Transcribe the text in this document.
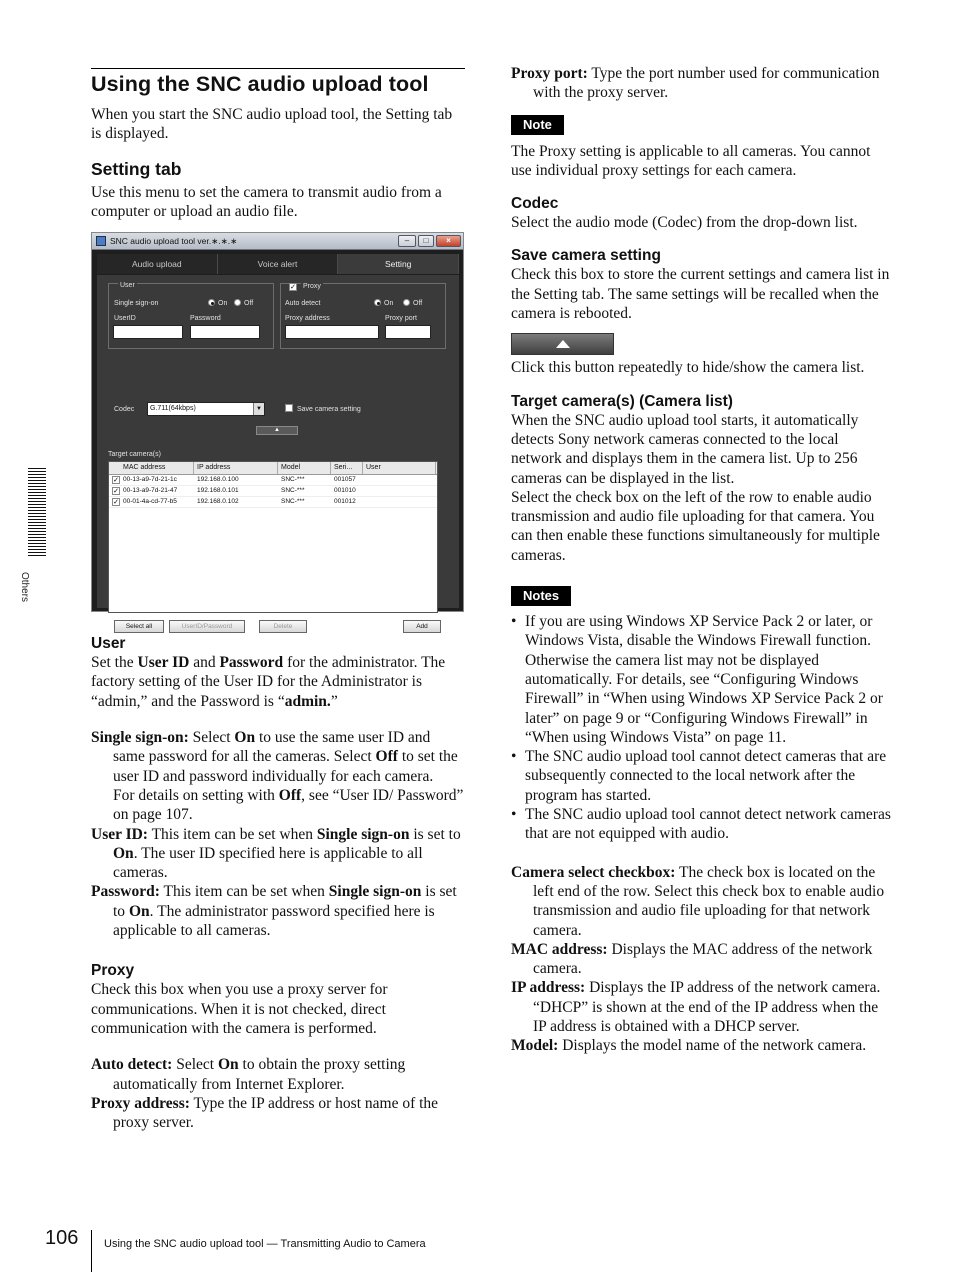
Others
Using the SNC audio upload tool

When you start the SNC audio upload tool, the Setting tab is displayed.

Setting tab

Use this menu to set the camera to transmit audio from a computer or upload an audio file.

SNC audio upload tool ver.∗.∗.∗	–	□	×
Audio upload	Voice alert	Setting
User
Single sign-on	On Off
UserID	Password
✓ Proxy
Auto detect	On	Off
Proxy address	Proxy port
Codec	G.711(64kbps)	▼	Save camera setting
▲
Target camera(s)
MAC address	IP address	Model	Seri...	User
✓ 00-13-a9-7d-21-1c	192.168.0.100	SNC-***	001057
✓ 00-13-a9-7d-21-47	192.168.0.101	SNC-***	001010
✓ 00-01-4a-cd-77-b5	192.168.0.102	SNC-***	001012
Select all	UserID/Password	Delete	Add
User

Set the User ID and Password for the administrator. The factory setting of the User ID for the Administrator is “admin,” and the Password is “admin.”

Single sign-on: Select On to use the same user ID and same password for all the cameras. Select Off to set the user ID and password individually for each camera.

For details on setting with Off, see “User ID/ Password” on page 107.

User ID: This item can be set when Single sign-on is set to On. The user ID specified here is applicable to all cameras.

Password: This item can be set when Single sign-on is set to On. The administrator password specified here is applicable to all cameras.

Proxy

Check this box when you use a proxy server for communications. When it is not checked, direct communication with the camera is performed.

Auto detect: Select On to obtain the proxy setting automatically from Internet Explorer.

Proxy address: Type the IP address or host name of the proxy server.

Proxy port: Type the port number used for communication with the proxy server.

Note

The Proxy setting is applicable to all cameras. You cannot use individual proxy settings for each camera.

Codec

Select the audio mode (Codec) from the drop-down list.

Save camera setting

Check this box to store the current settings and camera list in the Setting tab. The same settings will be recalled when the camera is rebooted.

Click this button repeatedly to hide/show the camera list.

Target camera(s) (Camera list)

When the SNC audio upload tool starts, it automatically detects Sony network cameras connected to the local network and displays them in the camera list. Up to 256 cameras can be displayed in the list.

Select the check box on the left of the row to enable audio transmission and audio file uploading for that camera. You can then enable these functions simultaneously for multiple cameras.

Notes
• If you are using Windows XP Service Pack 2 or later, or Windows Vista, disable the Windows Firewall function. Otherwise the camera list may not be displayed automatically. For details, see “Configuring Windows Firewall” in “When using Windows XP Service Pack 2 or later” on page 9 or “Configuring Windows Firewall” in “When using Windows Vista” on page 11.
• The SNC audio upload tool cannot detect cameras that are subsequently connected to the local network after the program has started.
• The SNC audio upload tool cannot detect network cameras that are not equipped with audio.

Camera select checkbox: The check box is located on the left end of the row. Select this check box to enable audio transmission and audio file uploading for that network camera.

MAC address: Displays the MAC address of the network camera.

IP address: Displays the IP address of the network camera. “DHCP” is shown at the end of the IP address when the IP address is obtained with a DHCP server.

Model: Displays the model name of the network camera.

106 Using the SNC audio upload tool — Transmitting Audio to Camera
